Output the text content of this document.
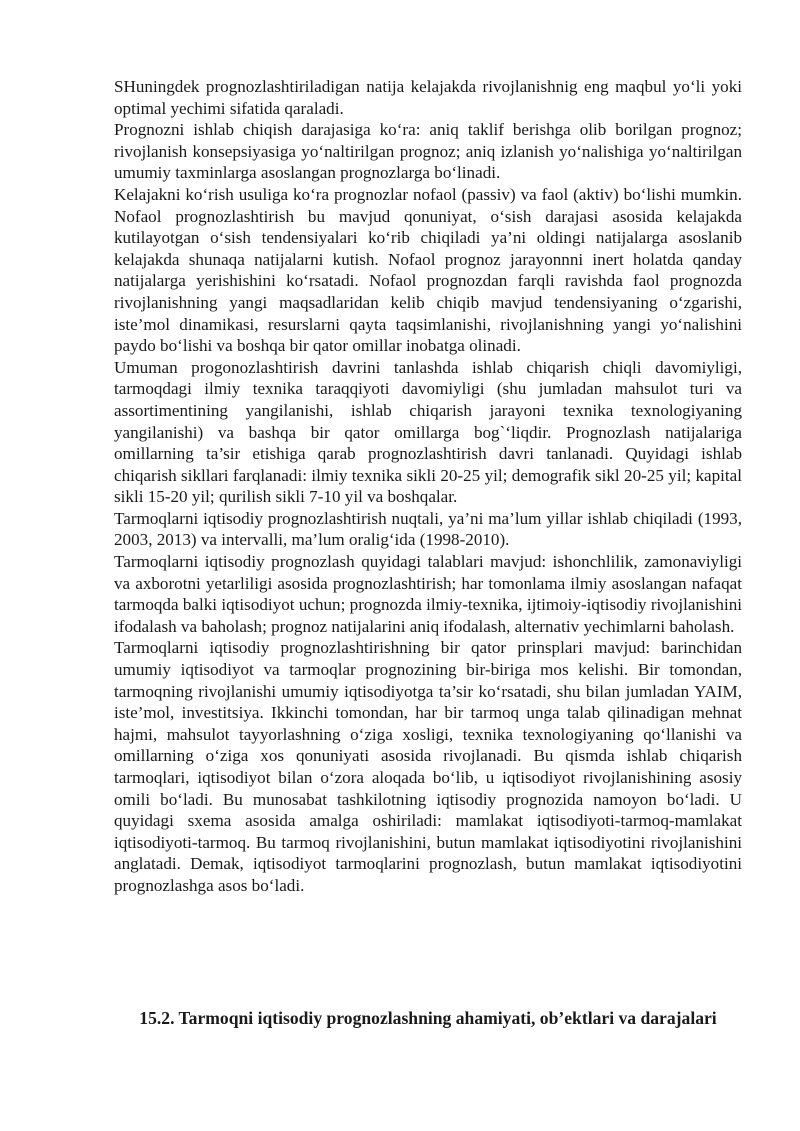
SHuningdek prognozlashtiriladigan natija kelajakda rivojlanishnig eng maqbul yo‘li yoki optimal yechimi sifatida qaraladi.

Prognozni ishlab chiqish darajasiga ko‘ra: aniq taklif berishga olib borilgan prognoz; rivojlanish konsepsiyasiga yo‘naltirilgan prognoz; aniq izlanish yo‘nalishiga yo‘naltirilgan umumiy taxminlarga asoslangan prognozlarga bo‘linadi.

Kelajakni ko‘rish usuliga ko‘ra prognozlar nofaol (passiv) va faol (aktiv) bo‘lishi mumkin. Nofaol prognozlashtirish bu mavjud qonuniyat, o‘sish darajasi asosida kelajakda kutilayotgan o‘sish tendensiyalari ko‘rib chiqiladi ya’ni oldingi natijalarga asoslanib kelajakda shunaqa natijalarni kutish. Nofaol prognoz jarayonnni inert holatda qanday natijalarga yerishishini ko‘rsatadi. Nofaol prognozdan farqli ravishda faol prognozda rivojlanishning yangi maqsadlaridan kelib chiqib mavjud tendensiyaning o‘zgarishi, iste’mol dinamikasi, resurslarni qayta taqsimlanishi, rivojlanishning yangi yo‘nalishini paydo bo‘lishi va boshqa bir qator omillar inobatga olinadi.

Umuman progonozlashtirish davrini tanlashda ishlab chiqarish chiqli davomiyligi, tarmoqdagi ilmiy texnika taraqqiyoti davomiyligi (shu jumladan mahsulot turi va assortimentining yangilanishi, ishlab chiqarish jarayoni texnika texnologiyaning yangilanishi) va bashqa bir qator omillarga bog`‘liqdir. Prognozlash natijalariga omillarning ta’sir etishiga qarab prognozlashtirish davri tanlanadi. Quyidagi ishlab chiqarish sikllari farqlanadi: ilmiy texnika sikli 20-25 yil; demografik sikl 20-25 yil; kapital sikli 15-20 yil; qurilish sikli 7-10 yil va boshqalar.

Tarmoqlarni iqtisodiy prognozlashtirish nuqtali, ya’ni ma’lum yillar ishlab chiqiladi (1993, 2003, 2013) va intervalli, ma’lum oralig‘ida (1998-2010).

Tarmoqlarni iqtisodiy prognozlash quyidagi talablari mavjud: ishonchlilik, zamonaviyligi va axborotni yetarliligi asosida prognozlashtirish; har tomonlama ilmiy asoslangan nafaqat tarmoqda balki iqtisodiyot uchun; prognozda ilmiy-texnika, ijtimoiy-iqtisodiy rivojlanishini ifodalash va baholash; prognoz natijalarini aniq ifodalash, alternativ yechimlarni baholash.

Tarmoqlarni iqtisodiy prognozlashtirishning bir qator prinsplari mavjud: barinchidan umumiy iqtisodiyot va tarmoqlar prognozining bir-biriga mos kelishi. Bir tomondan, tarmoqning rivojlanishi umumiy iqtisodiyotga ta’sir ko‘rsatadi, shu bilan jumladan YAIM, iste’mol, investitsiya. Ikkinchi tomondan, har bir tarmoq unga talab qilinadigan mehnat hajmi, mahsulot tayyorlashning o‘ziga xosligi, texnika texnologiyaning qo‘llanishi va omillarning o‘ziga xos qonuniyati asosida rivojlanadi. Bu qismda ishlab chiqarish tarmoqlari, iqtisodiyot bilan o‘zora aloqada bo‘lib, u iqtisodiyot rivojlanishining asosiy omili bo‘ladi. Bu munosabat tashkilotning iqtisodiy prognozida namoyon bo‘ladi. U quyidagi sxema asosida amalga oshiriladi: mamlakat iqtisodiyoti-tarmoq-mamlakat iqtisodiyoti-tarmoq. Bu tarmoq rivojlanishini, butun mamlakat iqtisodiyotini rivojlanishini anglatadi. Demak, iqtisodiyot tarmoqlarini prognozlash, butun mamlakat iqtisodiyotini prognozlashga asos bo‘ladi.

15.2. Tarmoqni iqtisodiy prognozlashning ahamiyati, ob’ektlari va darajalari
